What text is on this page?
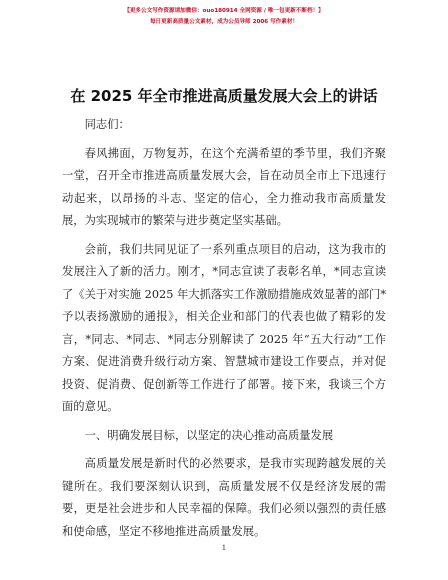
【更多公文写作资源请加微信：ouo180914 全网资源 / 唯一包更新不断档！】
每日更新高质量公文素材，成为公员导师 2006 写作素材！
在 2025 年全市推进高质量发展大会上的讲话

同志们：

春风拂面，万物复苏，在这个充满希望的季节里，我们齐聚一堂，召开全市推进高质量发展大会，旨在动员全市上下迅速行动起来，以昂扬的斗志、坚定的信心，全力推动我市高质量发展，为实现城市的繁荣与进步奠定坚实基础。

会前，我们共同见证了一系列重点项目的启动，这为我市的发展注入了新的活力。刚才，*同志宣读了表彰名单，*同志宣读了《关于对实施 2025 年大抓落实工作激励措施成效显著的部门*予以表扬激励的通报》，相关企业和部门的代表也做了精彩的发言，*同志、*同志、*同志分别解读了 2025 年“五大行动”工作方案、促进消费升级行动方案、智慧城市建设工作要点，并对促投资、促消费、促创新等工作进行了部署。接下来，我谈三个方面的意见。

一、明确发展目标，以坚定的决心推动高质量发展

高质量发展是新时代的必然要求，是我市实现跨越发展的关键所在。我们要深刻认识到，高质量发展不仅是经济发展的需要，更是社会进步和人民幸福的保障。我们必须以强烈的责任感和使命感，坚定不移地推进高质量发展。

1
